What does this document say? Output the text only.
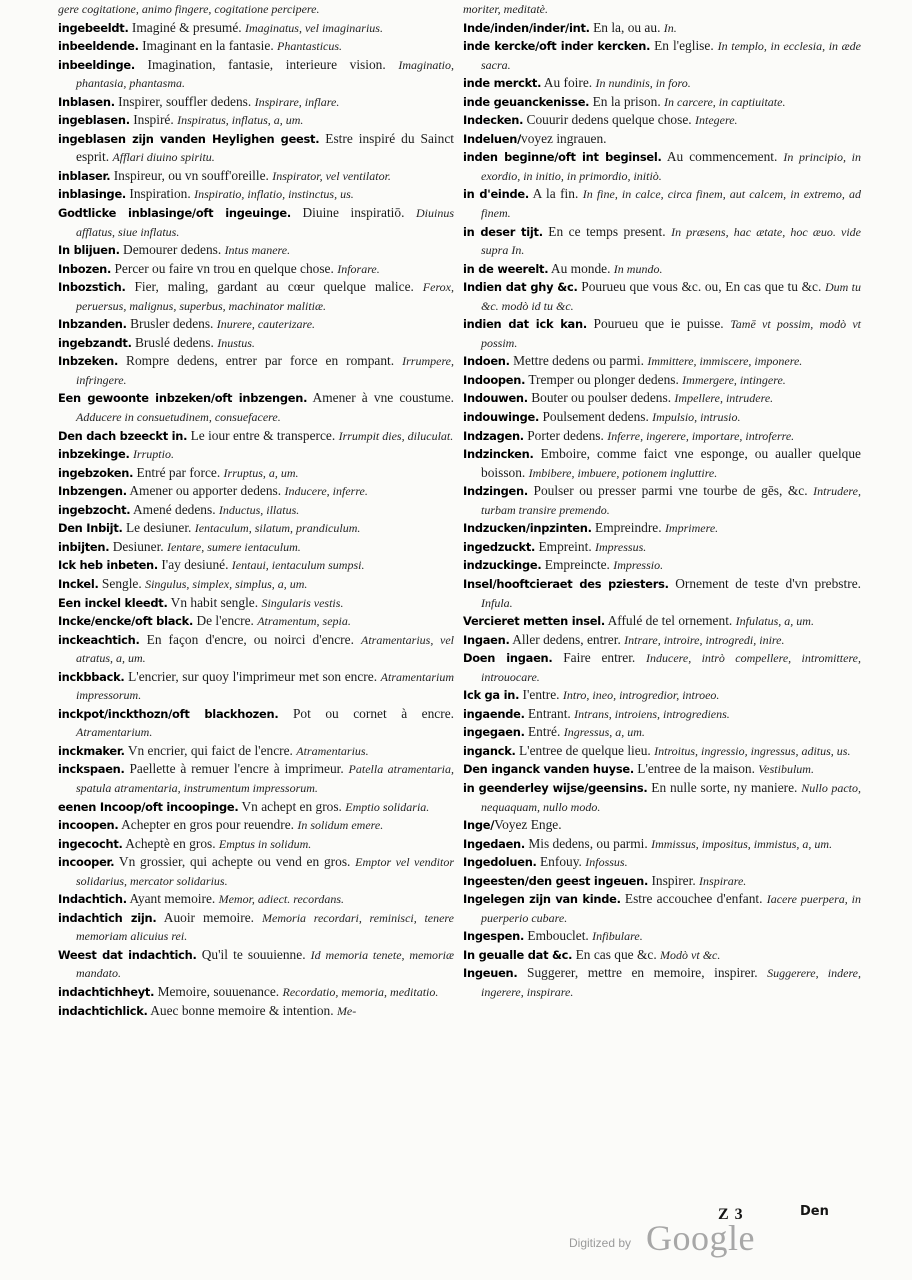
gere cogitatione, animo fingere, cogitatione percipere.
ingebeeldt. Imaginé & presumé. Imaginatus, vel imaginarius.
inbeeldende. Imaginant en la fantasie. Phantasticus.
inbeeldinge. Imagination, fantasie, interieure vision. Imaginatio, phantasia, phantasma.
Inblasen. Inspirer, souffler dedens. Inspirare, inflare.
ingeblasen. Inspiré. Inspiratus, inflatus, a, um.
ingeblasen zijn vanden Heylighen geest. Estre inspiré du Sainct esprit. Afflari diuino spiritu.
inblaser. Inspireur, ou vn souff'oreille. Inspirator, vel ventilator.
inblasinge. Inspiration. Inspiratio, inflatio, instinctus, us.
Godtlicke inblasinge/oft ingeuinge. Diuine inspiratiō. Diuinus afflatus, siue inflatus.
In blijuen. Demourer dedens. Intus manere.
Inbozen. Percer ou faire vn trou en quelque chose. Inforare.
Inbozstich. Fier, maling, gardant au cœur quelque malice. Ferox, peruersus, malignus, superbus, machinator malitiæ.
Inbzanden. Brusler dedens. Inurere, cauterizare.
ingebzandt. Bruslé dedens. Inustus.
Inbzeken. Rompre dedens, entrer par force en rompant. Irrumpere, infringere.
Een gewoonte inbzeken/oft inbzengen. Amener à vne coustume. Adducere in consuetudinem, consuefacere.
Den dach bzeeckt in. Le iour entre & transperce. Irrumpit dies, diluculat.
inbzekinge. Irruptio.
ingebzoken. Entré par force. Irruptus, a, um.
Inbzengen. Amener ou apporter dedens. Inducere, inferre.
ingebzocht. Amené dedens. Inductus, illatus.
Den Inbijt. Le desiuner. Ientaculum, silatum, prandiculum.
inbijten. Desiuner. Ientare, sumere ientaculum.
Ick heb inbeten. I'ay desiuné. Ientaui, ientaculum sumpsi.
Inckel. Sengle. Singulus, simplex, simplus, a, um.
Een inckel kleedt. Vn habit sengle. Singularis vestis.
Incke/encke/oft black. De l'encre. Atramentum, sepia.
inckeachtich. En façon d'encre, ou noirci d'encre. Atramentarius, vel atratus, a, um.
inckbback. L'encrier, sur quoy l'imprimeur met son encre. Atramentarium impressorum.
inckpot/inckthozn/oft blackhozen. Pot ou cornet à encre. Atramentarium.
inckmaker. Vn encrier, qui faict de l'encre. Atramentarius.
inckspaen. Paellette à remuer l'encre à imprimeur. Patella atramentaria, spatula atramentaria, instrumentum impressorum.
eenen Incoop/oft incoopinge. Vn achept en gros. Emptio solidaria.
incoopen. Achepter en gros pour reuendre. In solidum emere.
ingecocht. Acheptè en gros. Emptus in solidum.
incooper. Vn grossier, qui achepte ou vend en gros. Emptor vel venditor solidarius, mercator solidarius.
Indachtich. Ayant memoire. Memor, adiect. recordans.
indachtich zijn. Auoir memoire. Memoria recordari, reminisci, tenere memoriam alicuius rei.
Weest dat indachtich. Qu'il te souuienne. Id memoria tenete, memoriæ mandato.
indachtichheyt. Memoire, souuenance. Recordatio, memoria, meditatio.
indachtichlick. Auec bonne memoire & intention. Me-
moriter, meditatè.
Inde/inden/inder/int. En la, ou au. In.
inde kercke/oft inder kercken. En l'eglise. In templo, in ecclesia, in æde sacra.
inde merckt. Au foire. In nundinis, in foro.
inde geuanckenisse. En la prison. In carcere, in captiuitate.
Indecken. Couurir dedens quelque chose. Integere.
Indeluen/voyez ingrauen.
inden beginne/oft int beginsel. Au commencement. In principio, in exordio, in initio, in primordio, initiò.
in d'einde. A la fin. In fine, in calce, circa finem, aut calcem, in extremo, ad finem.
in deser tijt. En ce temps present. In præsens, hac ætate, hoc æuo. vide supra In.
in de weerelt. Au monde. In mundo.
Indien dat ghy &c. Pourueu que vous &c. ou, En cas que tu &c. Dum tu &c. modò id tu &c.
indien dat ick kan. Pourueu que ie puisse. Tamē vt possim, modò vt possim.
Indoen. Mettre dedens ou parmi. Immittere, immiscere, imponere.
Indoopen. Tremper ou plonger dedens. Immergere, intingere.
Indouwen. Bouter ou poulser dedens. Impellere, intrudere.
indouwinge. Poulsement dedens. Impulsio, intrusio.
Indzagen. Porter dedens. Inferre, ingerere, importare, introferre.
Indzincken. Emboire, comme faict vne esponge, ou aualler quelque boisson. Imbibere, imbuere, potionem ingluttire.
Indzingen. Poulser ou presser parmi vne tourbe de gēs, &c. Intrudere, turbam transire premendo.
Indzucken/inpzinten. Empreindre. Imprimere.
ingedzuckt. Empreint. Impressus.
indzuckinge. Empreincte. Impressio.
Insel/hooftcieraet des pziesters. Ornement de teste d'vn prebstre. Infula.
Vercieret metten insel. Affulé de tel ornement. Infulatus, a, um.
Ingaen. Aller dedens, entrer. Intrare, introire, introgredi, inire.
Doen ingaen. Faire entrer. Inducere, intrò compellere, intromittere, introuocare.
Ick ga in. I'entre. Intro, ineo, introgredior, introeo.
ingaende. Entrant. Intrans, introiens, introgrediens.
ingegaen. Entré. Ingressus, a, um.
inganck. L'entree de quelque lieu. Introitus, ingressio, ingressus, aditus, us.
Den inganck vanden huyse. L'entree de la maison. Vestibulum.
in geenderley wijse/geensins. En nulle sorte, ny maniere. Nullo pacto, nequaquam, nullo modo.
Inge/Voyez Enge.
Ingedaen. Mis dedens, ou parmi. Immissus, impositus, immistus, a, um.
Ingedoluen. Enfouy. Infossus.
Ingeesten/den geest ingeuen. Inspirer. Inspirare.
Ingelegen zijn van kinde. Estre accouchee d'enfant. Iacere puerpera, in puerperio cubare.
Ingespen. Embouclet. Infibulare.
In geualle dat &c. En cas que &c. Modò vt &c.
Ingeuen. Suggerer, mettre en memoire, inspirer. Suggerere, indere, ingerere, inspirare.
Z 3	Den
Digitized by Google
